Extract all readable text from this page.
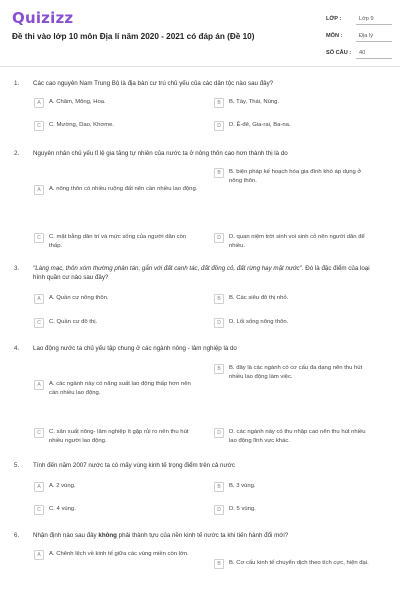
Quizizz
Đề thi vào lớp 10 môn Địa lí năm 2020 - 2021 có đáp án (Đề 10)
LỚP :	Lớp 9
MÔN :	Địa lý
SỐ CÂU :	40
1. Các cao nguyên Nam Trung Bộ là địa bàn cư trú chủ yếu của các dân tộc nào sau đây?
A	A. Chăm, Mông, Hoa.	B	B. Tày, Thái, Nùng.
C	C. Mường, Dao, Khơme.	D	D. Ê-đê, Gia-rai, Ba-na.
2. Nguyên nhân chủ yếu tỉ lệ gia tăng tự nhiên của nước ta ở nông thôn cao hơn thành thị là do
A	A. nông thôn có nhiều ruộng đất nên cần nhiều lao động.
B	B. biện pháp kế hoạch hóa gia đình khó áp dụng ở nông thôn.
C	C. mặt bằng dân trí và mức sống của người dân còn thấp.
D	D. quan niệm trời sinh voi sinh cỏ nên người dân để nhiều.
3. "Làng mạc, thôn xóm thường phân tán, gắn với đất canh tác, đất đồng cỏ, đất rừng hay mặt nước". Đó là đặc điểm của loại hình quần cư nào sau đây?
A	A. Quần cư nông thôn.	B	B. Các siêu đô thị nhỏ.
C	C. Quần cư đô thị.	D	D. Lối sống nông thôn.
4. Lao động nước ta chủ yếu tập chung ở các ngành nông - lâm nghiệp là do
A	A. các ngành này có năng suất lao động thấp hơn nên cần nhiều lao động.
B	B. đây là các ngành có cơ cấu đa dạng nên thu hút nhiều lao động làm việc.
C	C. sản xuất nông- lâm nghiệp ít gặp rủi ro nên thu hút nhiều người lao động.
D	D. các ngành này có thu nhập cao nên thu hút nhiều lao động lĩnh vực khác.
5. Tính đến năm 2007 nước ta có mấy vùng kinh tế trọng điểm trên cả nước
A	A. 2 vùng.	B	B. 3 vùng.
C	C. 4 vùng.	D	D. 5 vùng.
6. Nhận định nào sau đây không phải thành tựu của nền kinh tế nước ta khi tiến hành đổi mới?
A	A. Chênh lệch về kinh tế giữa các vùng miền còn lớn.
B	B. Cơ cấu kinh tế chuyển dịch theo tích cực, hiện đại.
